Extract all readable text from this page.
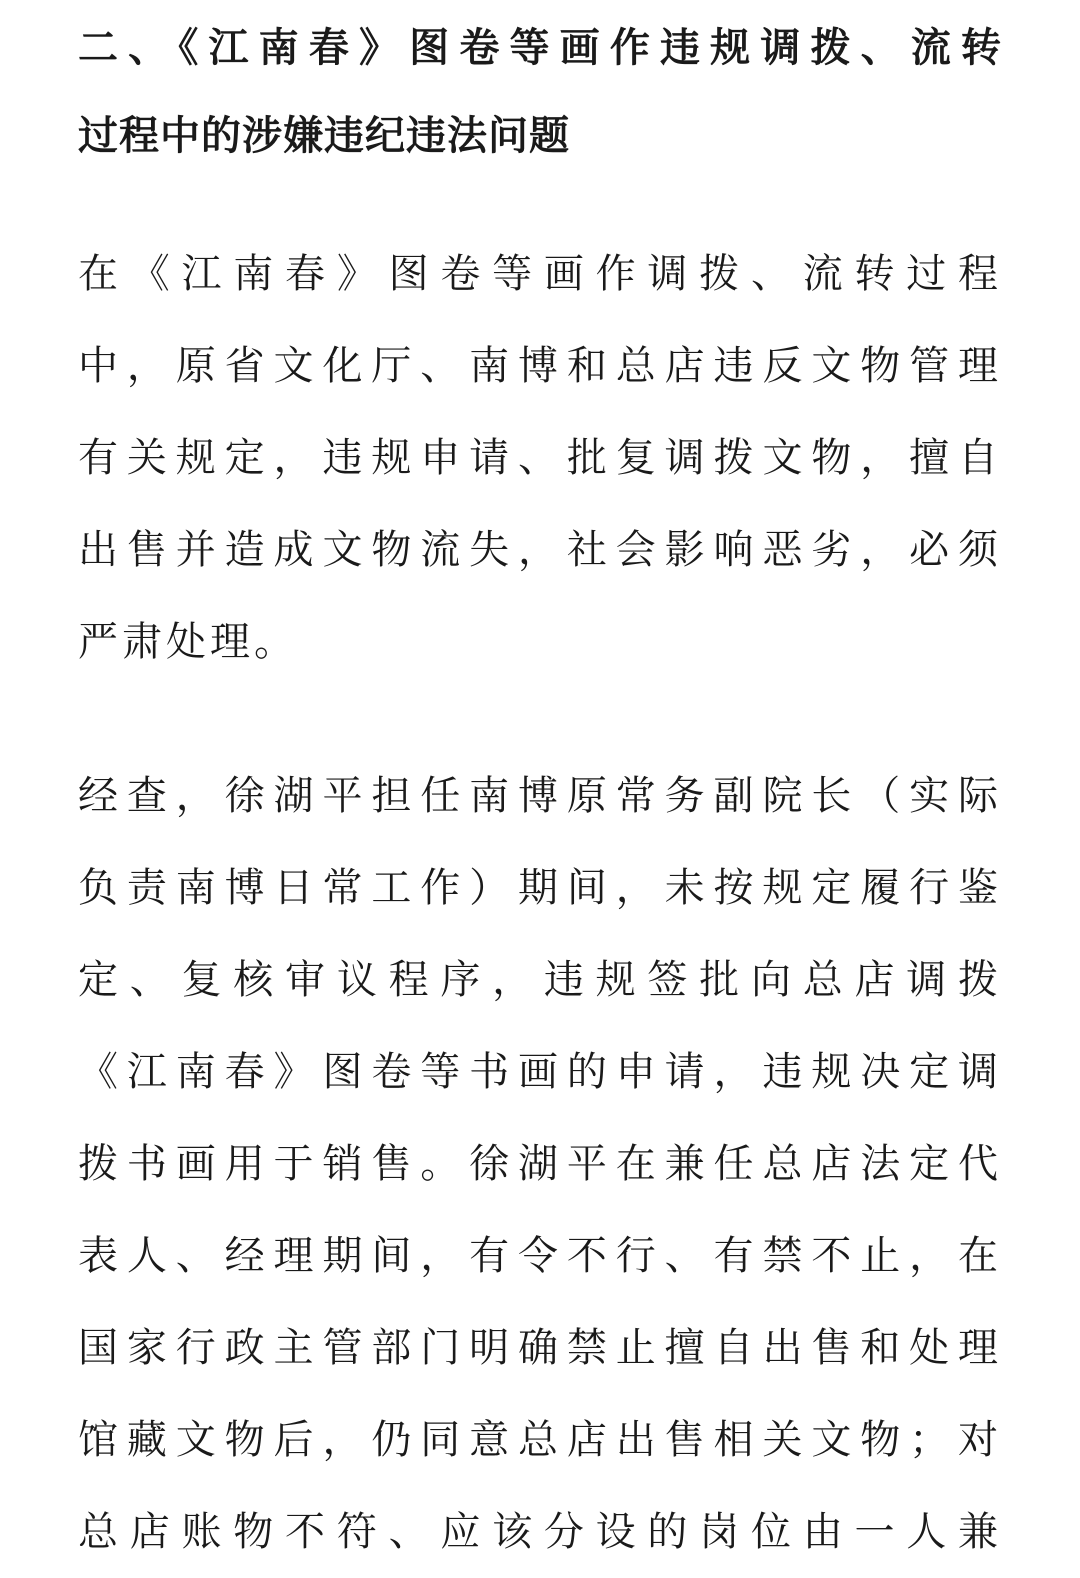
二、《江南春》图卷等画作违规调拨、流转
过程中的涉嫌违纪违法问题
在《江南春》图卷等画作调拨、流转过程
中，原省文化厅、南博和总店违反文物管理
有关规定，违规申请、批复调拨文物，擅自
出售并造成文物流失，社会影响恶劣，必须
严肃处理。
经查，徐湖平担任南博原常务副院长（实际
负责南博日常工作）期间，未按规定履行鉴
定、复核审议程序，违规签批向总店调拨
《江南春》图卷等书画的申请，违规决定调
拨书画用于销售。徐湖平在兼任总店法定代
表人、经理期间，有令不行、有禁不止，在
国家行政主管部门明确禁止擅自出售和处理
馆藏文物后，仍同意总店出售相关文物；对
总店账物不符、应该分设的岗位由一人兼
